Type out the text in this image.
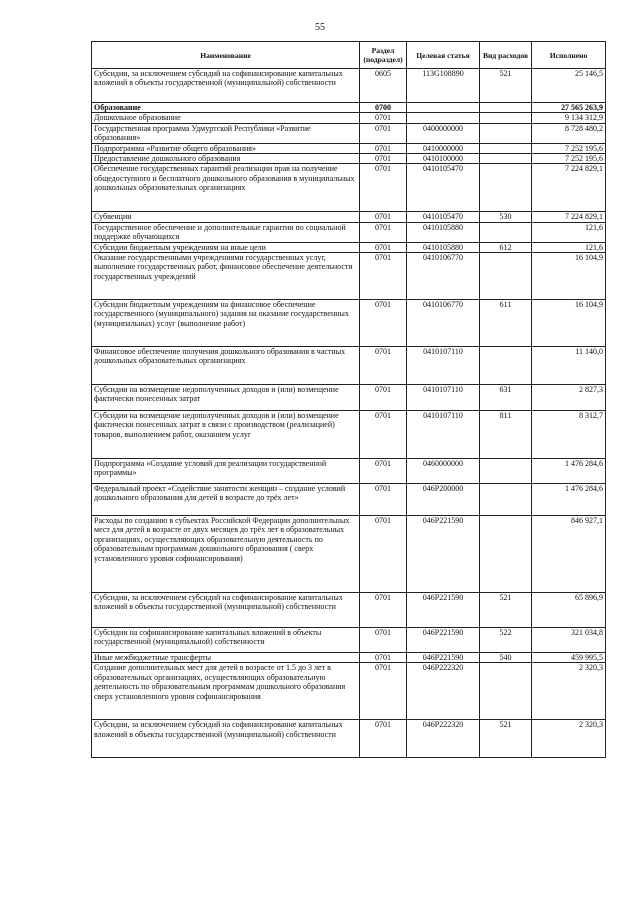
55
Наименование	Раздел (подраздел)	Целевая статья	Вид расходов	Исполнено
Субсидии, за исключением субсидий на софинансирование капитальных вложений в объекты государственной (муниципальной) собственности	0605	113G108890	521	25 146,5
Образование	0700			27 565 263,9
Дошкольное образование	0701			9 134 312,9
Государственная программа Удмуртской Республики «Развитие образования»	0701	0400000000		8 728 480,2
Подпрограмма «Развитие общего образования»	0701	0410000000		7 252 195,6
Предоставление дошкольного образования	0701	0410100000		7 252 195,6
Обеспечение государственных гарантий реализации прав на получение общедоступного и бесплатного дошкольного образования в муниципальных дошкольных образовательных организациях	0701	0410105470		7 224 829,1
Субвенции	0701	0410105470	530	7 224 829,1
Государственное обеспечение и дополнительные гарантии по социальной поддержке обучающихся	0701	0410105880		121,6
Субсидии бюджетным учреждениям на иные цели	0701	0410105880	612	121,6
Оказание государственными учреждениями государственных услуг, выполнение государственных работ, финансовое обеспечение деятельности государственных учреждений	0701	0410106770		16 104,9
Субсидии бюджетным учреждениям на финансовое обеспечение государственного (муниципального) задания на оказание государственных (муниципальных) услуг (выполнение работ)	0701	0410106770	611	16 104,9
Финансовое обеспечение получения дошкольного образования в частных дошкольных образовательных организациях	0701	0410107110		11 140,0
Субсидии на возмещение недополученных доходов и (или) возмещение фактически понесенных затрат	0701	0410107110	631	2 827,3
Субсидии на возмещение недополученных доходов и (или) возмещение фактически понесенных затрат в связи с производством (реализацией) товаров, выполнением работ, оказанием услуг	0701	0410107110	811	8 312,7
Подпрограмма «Создание условий для реализации государственной программы»	0701	0460000000		1 476 284,6
Федеральный проект «Содействие занятости женщин – создание условий дошкольного образования для детей в возрасте до трёх лет»	0701	046P200000		1 476 284,6
Расходы по созданию в субъектах Российской Федерации дополнительных мест для детей в возрасте от двух месяцев до трёх лет в образовательных организациях, осуществляющих образовательную деятельность по образовательным программам дошкольного образования ( сверх установленного уровня софинансирования)	0701	046P221590		846 927,1
Субсидии, за исключением субсидий на софинансирование капитальных вложений в объекты государственной (муниципальной) собственности	0701	046P221590	521	65 896,9
Субсидии на софинансирование капитальных вложений в объекты государственной (муниципальной) собственности	0701	046P221590	522	321 034,8
Иные межбюджетные трансферты	0701	046P221590	540	459 995,5
Создание дополнительных мест для детей в возрасте от 1.5 до 3 лет в образовательных организациях, осуществляющих образовательную деятельность по образовательным программам дошкольного образования сверх установленного уровня софинансирования	0701	046P222320		2 320,3
Субсидии, за исключением субсидий на софинансирование капитальных вложений в объекты государственной (муниципальной) собственности	0701	046P222320	521	2 320,3
